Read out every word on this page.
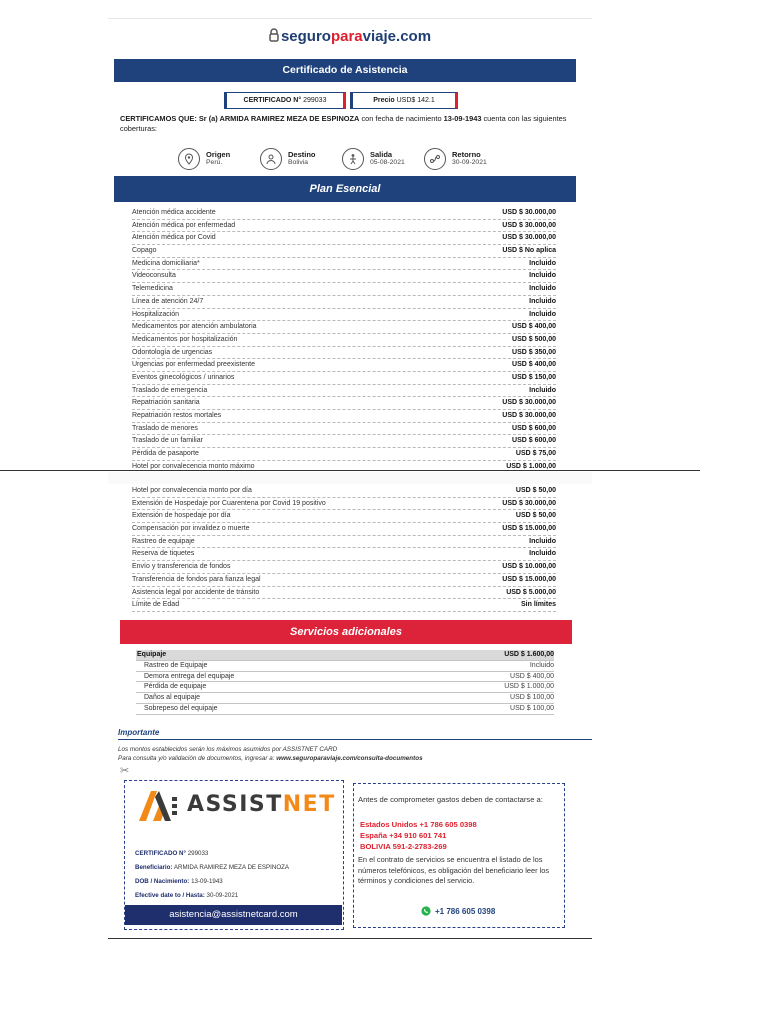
seguroparaviaje.com
Certificado de Asistencia
CERTIFICADO N° 299033	Precio USD$ 142.1
CERTIFICAMOS QUE: Sr (a) ARMIDA RAMIREZ MEZA DE ESPINOZA con fecha de nacimiento 13-09-1943 cuenta con las siguientes coberturas:
Origen
Perú.
Destino
Bolivia
Salida
05-08-2021
Retorno
30-09-2021
Plan Esencial
Atención médica accidente	USD $ 30.000,00
Atención médica por enfermedad	USD $ 30.000,00
Atención médica por Covid	USD $ 30.000,00
Copago	USD $ No aplica
Medicina domiciliaria*	Incluido
Videoconsulta	Incluido
Telemedicina	Incluido
Línea de atención 24/7	Incluido
Hospitalización	Incluido
Medicamentos por atención ambulatoria	USD $ 400,00
Medicamentos por hospitalización	USD $ 500,00
Odontología de urgencias	USD $ 350,00
Urgencias por enfermedad preexistente	USD $ 400,00
Eventos ginecológicos / urinarios	USD $ 150,00
Traslado de emergencia	Incluido
Repatriación sanitaria	USD $ 30.000,00
Repatriación restos mortales	USD $ 30.000,00
Traslado de menores	USD $ 600,00
Traslado de un familiar	USD $ 600,00
Pérdida de pasaporte	USD $ 75,00
Hotel por convalecencia monto máximo	USD $ 1.000,00
Hotel por convalecencia monto por día	USD $ 50,00
Extensión de Hospedaje por Cuarentena por Covid 19 positivo	USD $ 30.000,00
Extensión de hospedaje por día	USD $ 50,00
Compensación por invalidez o muerte	USD $ 15.000,00
Rastreo de equipaje	Incluido
Reserva de tiquetes	Incluido
Envío y transferencia de fondos	USD $ 10.000,00
Transferencia de fondos para fianza legal	USD $ 15.000,00
Asistencia legal por accidente de tránsito	USD $ 5.000,00
Límite de Edad	Sin límites
Servicios adicionales
Equipaje	USD $ 1.600,00
Rastreo de Equipaje	Incluido
Demora entrega del equipaje	USD $ 400,00
Pérdida de equipaje	USD $ 1.000,00
Daños al equipaje	USD $ 100,00
Sobrepeso del equipaje	USD $ 100,00
Importante
Los montos establecidos serán los máximos asumidos por ASSISTNET CARD
Para consulta y/o validación de documentos, ingresar a: www.seguroparaviaje.com/consulta-documentos
✂
ASSISTNET
CERTIFICADO N° 299033
Beneficiario: ARMIDA RAMIREZ MEZA DE ESPINOZA
DOB / Nacimiento: 13-09-1943
Efective date to / Hasta: 30-09-2021
asistencia@assistnetcard.com
Antes de comprometer gastos deben de contactarse a:
Estados Unidos +1 786 605 0398
España +34 910 601 741
BOLIVIA 591-2-2783-269
En el contrato de servicios se encuentra el listado de los números telefónicos, es obligación del beneficiario leer los términos y condiciones del servicio.
+1 786 605 0398
